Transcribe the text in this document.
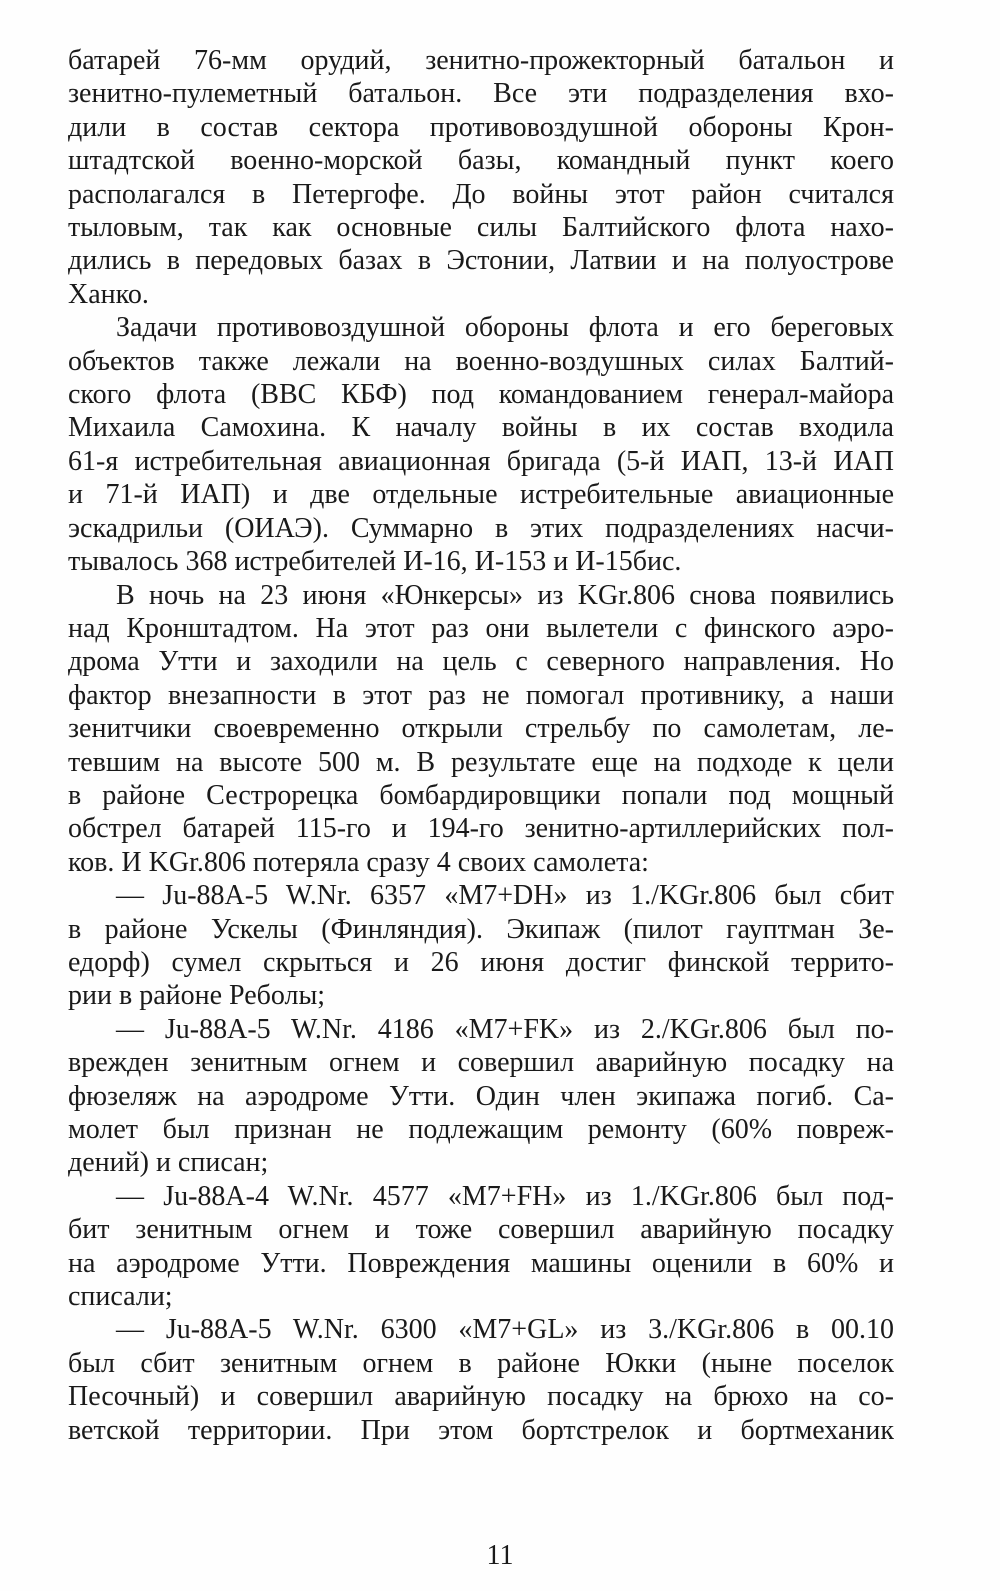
батарей 76-мм орудий, зенитно-прожекторный батальон и
зенитно-пулеметный батальон. Все эти подразделения вхо-
дили в состав сектора противовоздушной обороны Крон-
штадтской военно-морской базы, командный пункт коего
располагался в Петергофе. До войны этот район считался
тыловым, так как основные силы Балтийского флота нахо-
дились в передовых базах в Эстонии, Латвии и на полуострове
Ханко.
Задачи противовоздушной обороны флота и его береговых
объектов также лежали на военно-воздушных силах Балтий-
ского флота (ВВС КБФ) под командованием генерал-майора
Михаила Самохина. К началу войны в их состав входила
61-я истребительная авиационная бригада (5-й ИАП, 13-й ИАП
и 71-й ИАП) и две отдельные истребительные авиационные
эскадрильи (ОИАЭ). Суммарно в этих подразделениях насчи-
тывалось 368 истребителей И-16, И-153 и И-15бис.
В ночь на 23 июня «Юнкерсы» из KGr.806 снова появились
над Кронштадтом. На этот раз они вылетели с финского аэро-
дрома Утти и заходили на цель с северного направления. Но
фактор внезапности в этот раз не помогал противнику, а наши
зенитчики своевременно открыли стрельбу по самолетам, ле-
тевшим на высоте 500 м. В результате еще на подходе к цели
в районе Сестрорецка бомбардировщики попали под мощный
обстрел батарей 115-го и 194-го зенитно-артиллерийских пол-
ков. И KGr.806 потеряла сразу 4 своих самолета:
— Ju-88A-5 W.Nr. 6357 «M7+DH» из 1./KGr.806 был сбит
в районе Ускелы (Финляндия). Экипаж (пилот гауптман Зе-
едорф) сумел скрыться и 26 июня достиг финской террито-
рии в районе Реболы;
— Ju-88A-5 W.Nr. 4186 «M7+FK» из 2./KGr.806 был по-
врежден зенитным огнем и совершил аварийную посадку на
фюзеляж на аэродроме Утти. Один член экипажа погиб. Са-
молет был признан не подлежащим ремонту (60% повреж-
дений) и списан;
— Ju-88A-4 W.Nr. 4577 «M7+FH» из 1./KGr.806 был под-
бит зенитным огнем и тоже совершил аварийную посадку
на аэродроме Утти. Повреждения машины оценили в 60% и
списали;
— Ju-88A-5 W.Nr. 6300 «M7+GL» из 3./KGr.806 в 00.10
был сбит зенитным огнем в районе Юкки (ныне поселок
Песочный) и совершил аварийную посадку на брюхо на со-
ветской территории. При этом бортстрелок и бортмеханик
11
